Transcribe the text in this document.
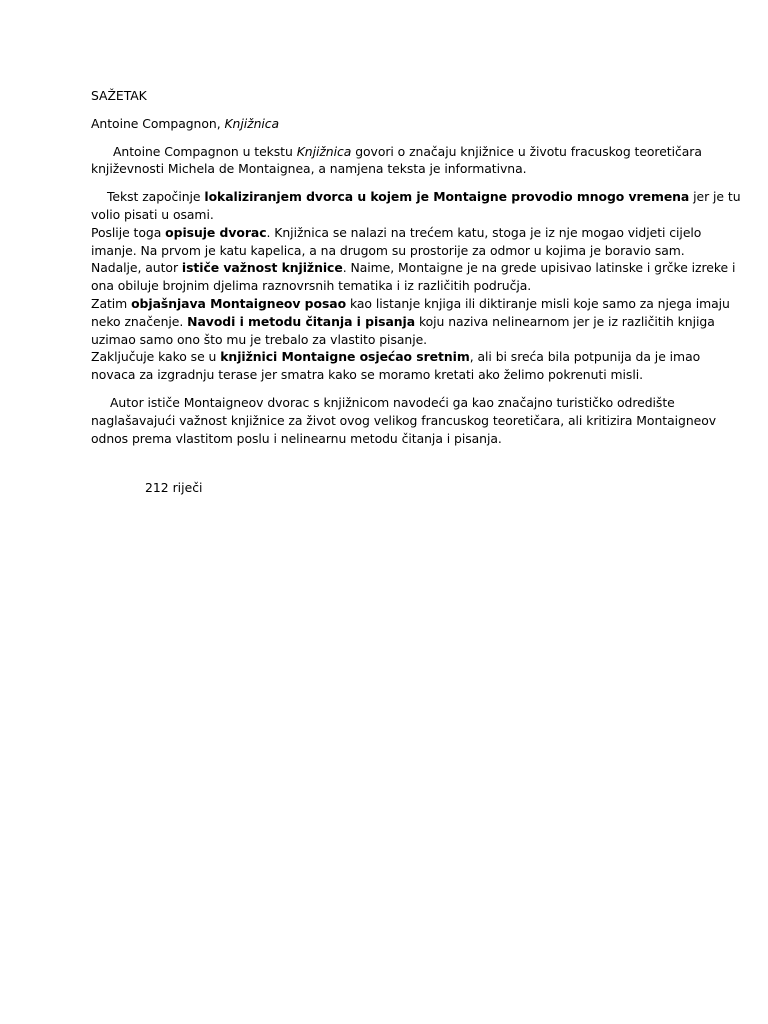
SAŽETAK

Antoine Compagnon, Knjižnica

Antoine Compagnon u tekstu Knjižnica govori o značaju knjižnice u životu fracuskog teoretičara
književnosti Michela de Montaignea, a namjena teksta je informativna.

Tekst započinje lokaliziranjem dvorca u kojem je Montaigne provodio mnogo vremena jer je tu
volio pisati u osami.
Poslije toga opisuje dvorac. Knjižnica se nalazi na trećem katu, stoga je iz nje mogao vidjeti cijelo
imanje. Na prvom je katu kapelica, a na drugom su prostorije za odmor u kojima je boravio sam.
Nadalje, autor ističe važnost knjižnice. Naime, Montaigne je na grede upisivao latinske i grčke izreke i
ona obiluje brojnim djelima raznovrsnih tematika i iz različitih područja.
Zatim objašnjava Montaigneov posao kao listanje knjiga ili diktiranje misli koje samo za njega imaju
neko značenje. Navodi i metodu čitanja i pisanja koju naziva nelinearnom jer je iz različitih knjiga
uzimao samo ono što mu je trebalo za vlastito pisanje.
Zaključuje kako se u knjižnici Montaigne osjećao sretnim, ali bi sreća bila potpunija da je imao
novaca za izgradnju terase jer smatra kako se moramo kretati ako želimo pokrenuti misli.

Autor ističe Montaigneov dvorac s knjižnicom navodeći ga kao značajno turističko odredište
naglašavajući važnost knjižnice za život ovog velikog francuskog teoretičara, ali kritizira Montaigneov
odnos prema vlastitom poslu i nelinearnu metodu čitanja i pisanja.

212 riječi
